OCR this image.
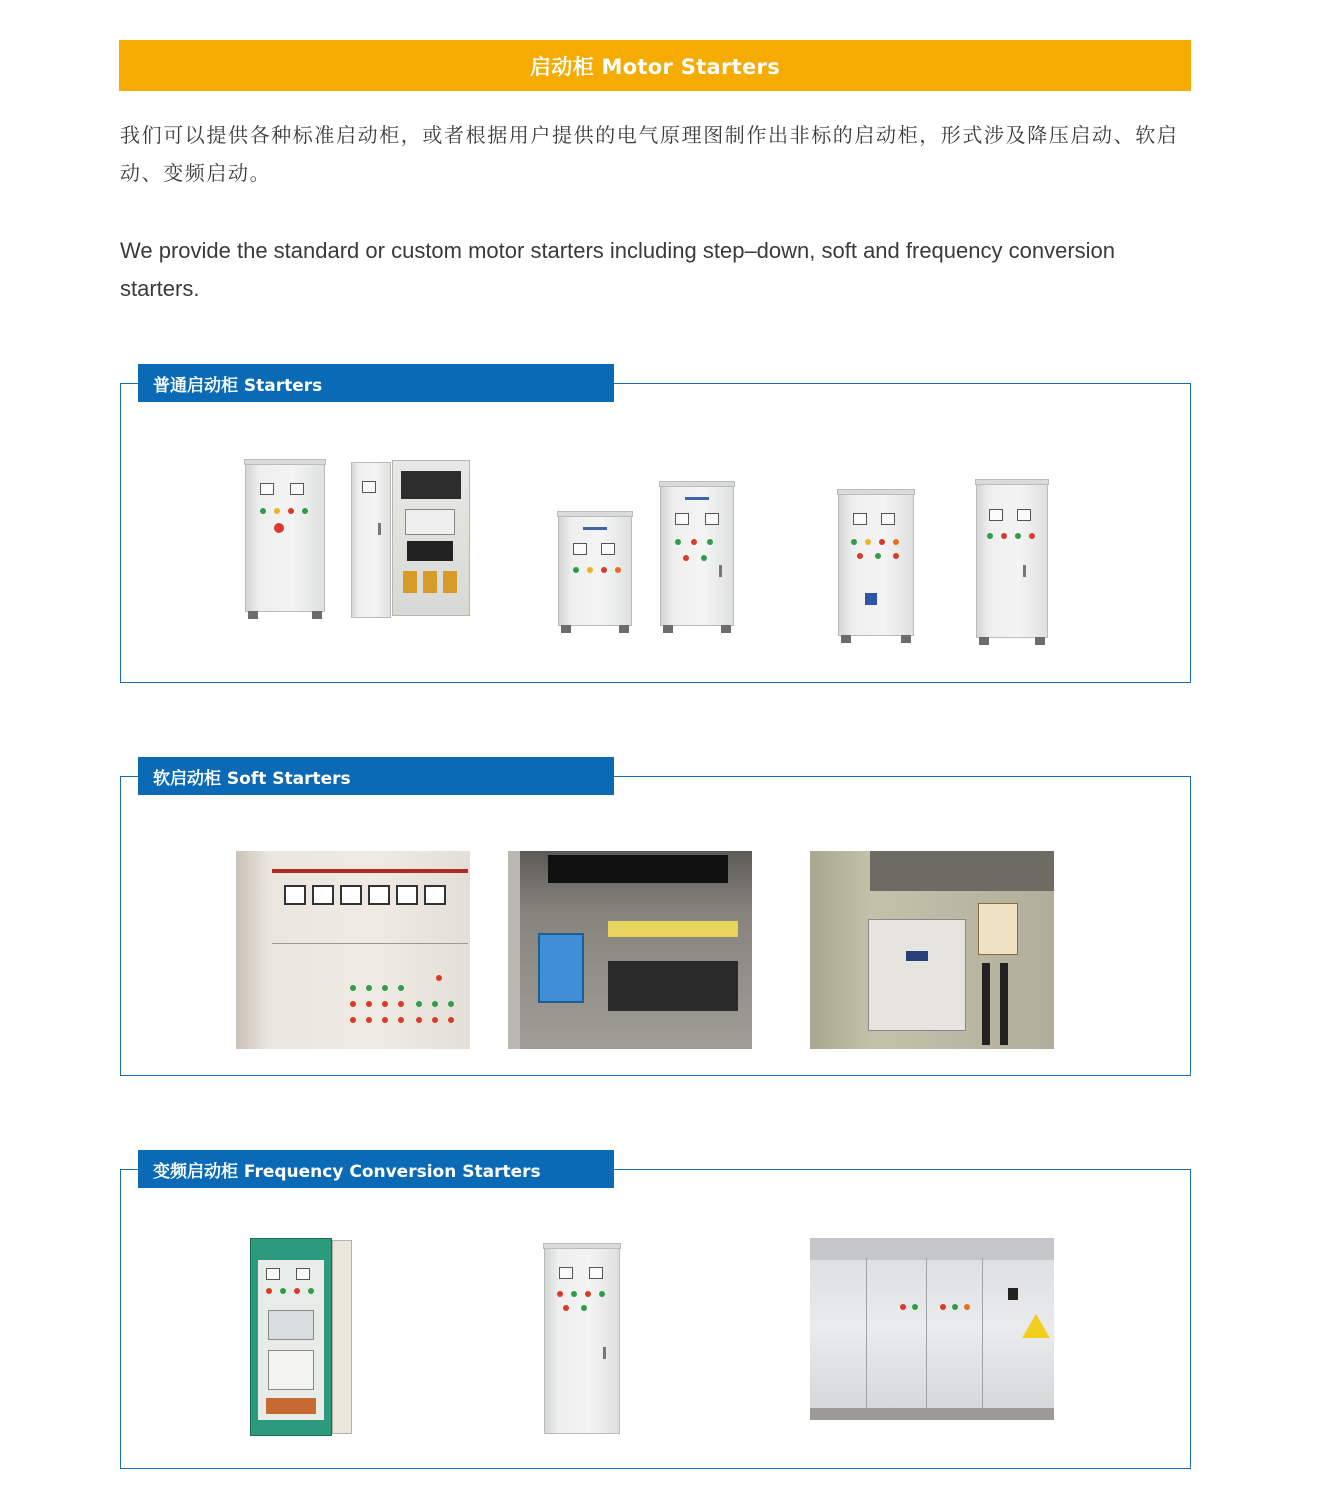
启动柜 Motor Starters

我们可以提供各种标准启动柜，或者根据用户提供的电气原理图制作出非标的启动柜，形式涉及降压启动、软启动、变频启动。

We provide the standard or custom motor starters including step–down, soft and frequency conversion starters.

普通启动柜 Starters
软启动柜 Soft Starters
变频启动柜 Frequency Conversion Starters
